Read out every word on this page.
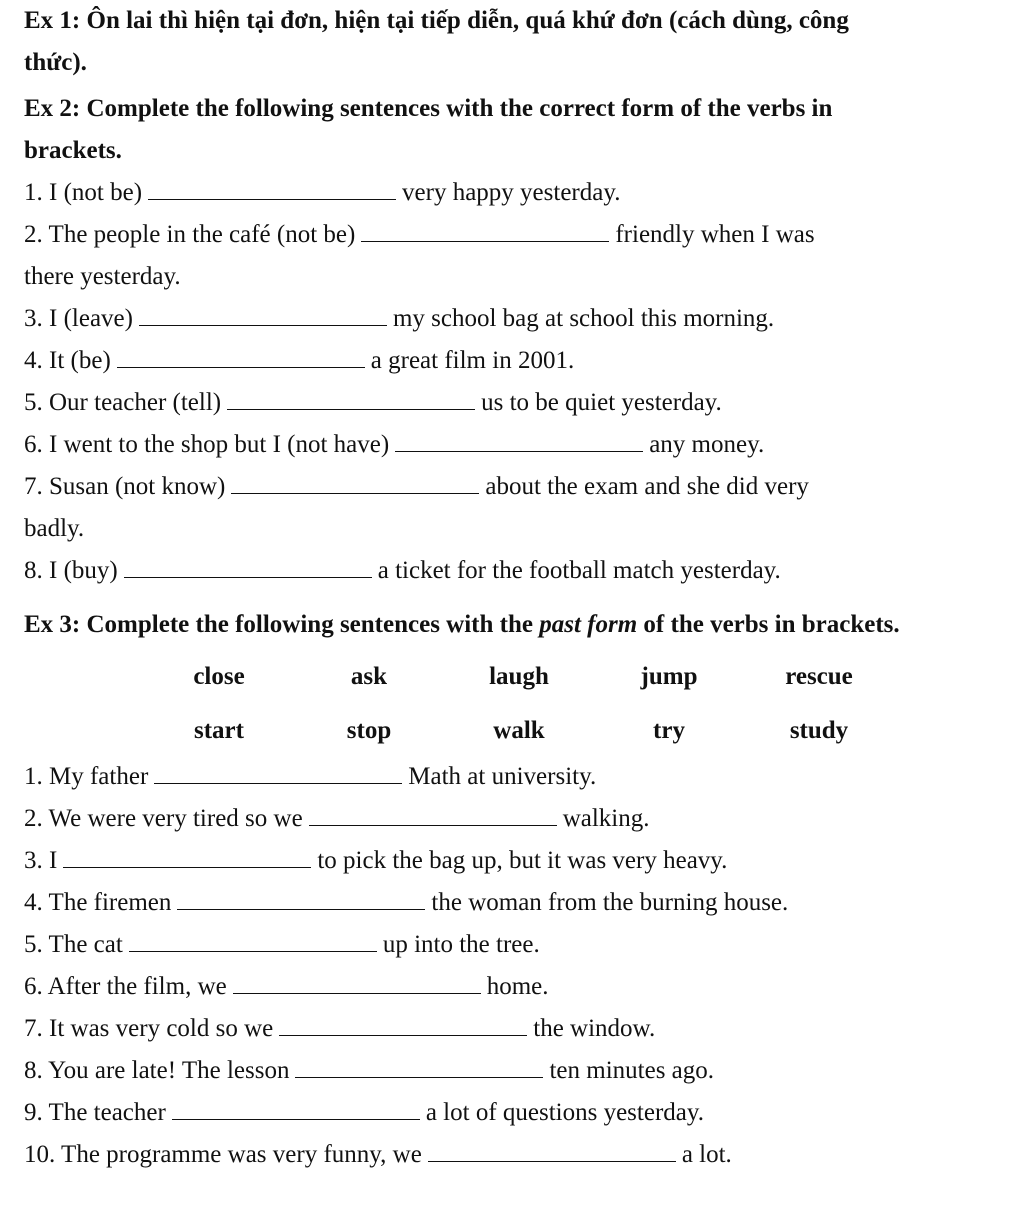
Ex 1: Ôn lai thì hiện tại đơn, hiện tại tiếp diễn, quá khứ đơn (cách dùng, công

thức).

Ex 2: Complete the following sentences with the correct form of the verbs in

brackets.

1. I (not be)	very happy yesterday.
2. The people in the café (not be)	friendly when I was
there yesterday.
3. I (leave)	my school bag at school this morning.
4. It (be)	a great film in 2001.
5. Our teacher (tell)	us to be quiet yesterday.
6. I went to the shop but I (not have)	any money.
7. Susan (not know)	about the exam and she did very
badly.
8. I (buy)	a ticket for the football match yesterday.

Ex 3: Complete the following sentences with the past form of the verbs in brackets.

close	ask	laugh	jump	rescue
start	stop	walk	try	study
1. My father	Math at university.
2. We were very tired so we	walking.
3. I	to pick the bag up, but it was very heavy.
4. The firemen	the woman from the burning house.
5. The cat	up into the tree.
6. After the film, we	home.
7. It was very cold so we	the window.
8. You are late! The lesson	ten minutes ago.
9. The teacher	a lot of questions yesterday.
10. The programme was very funny, we	a lot.
